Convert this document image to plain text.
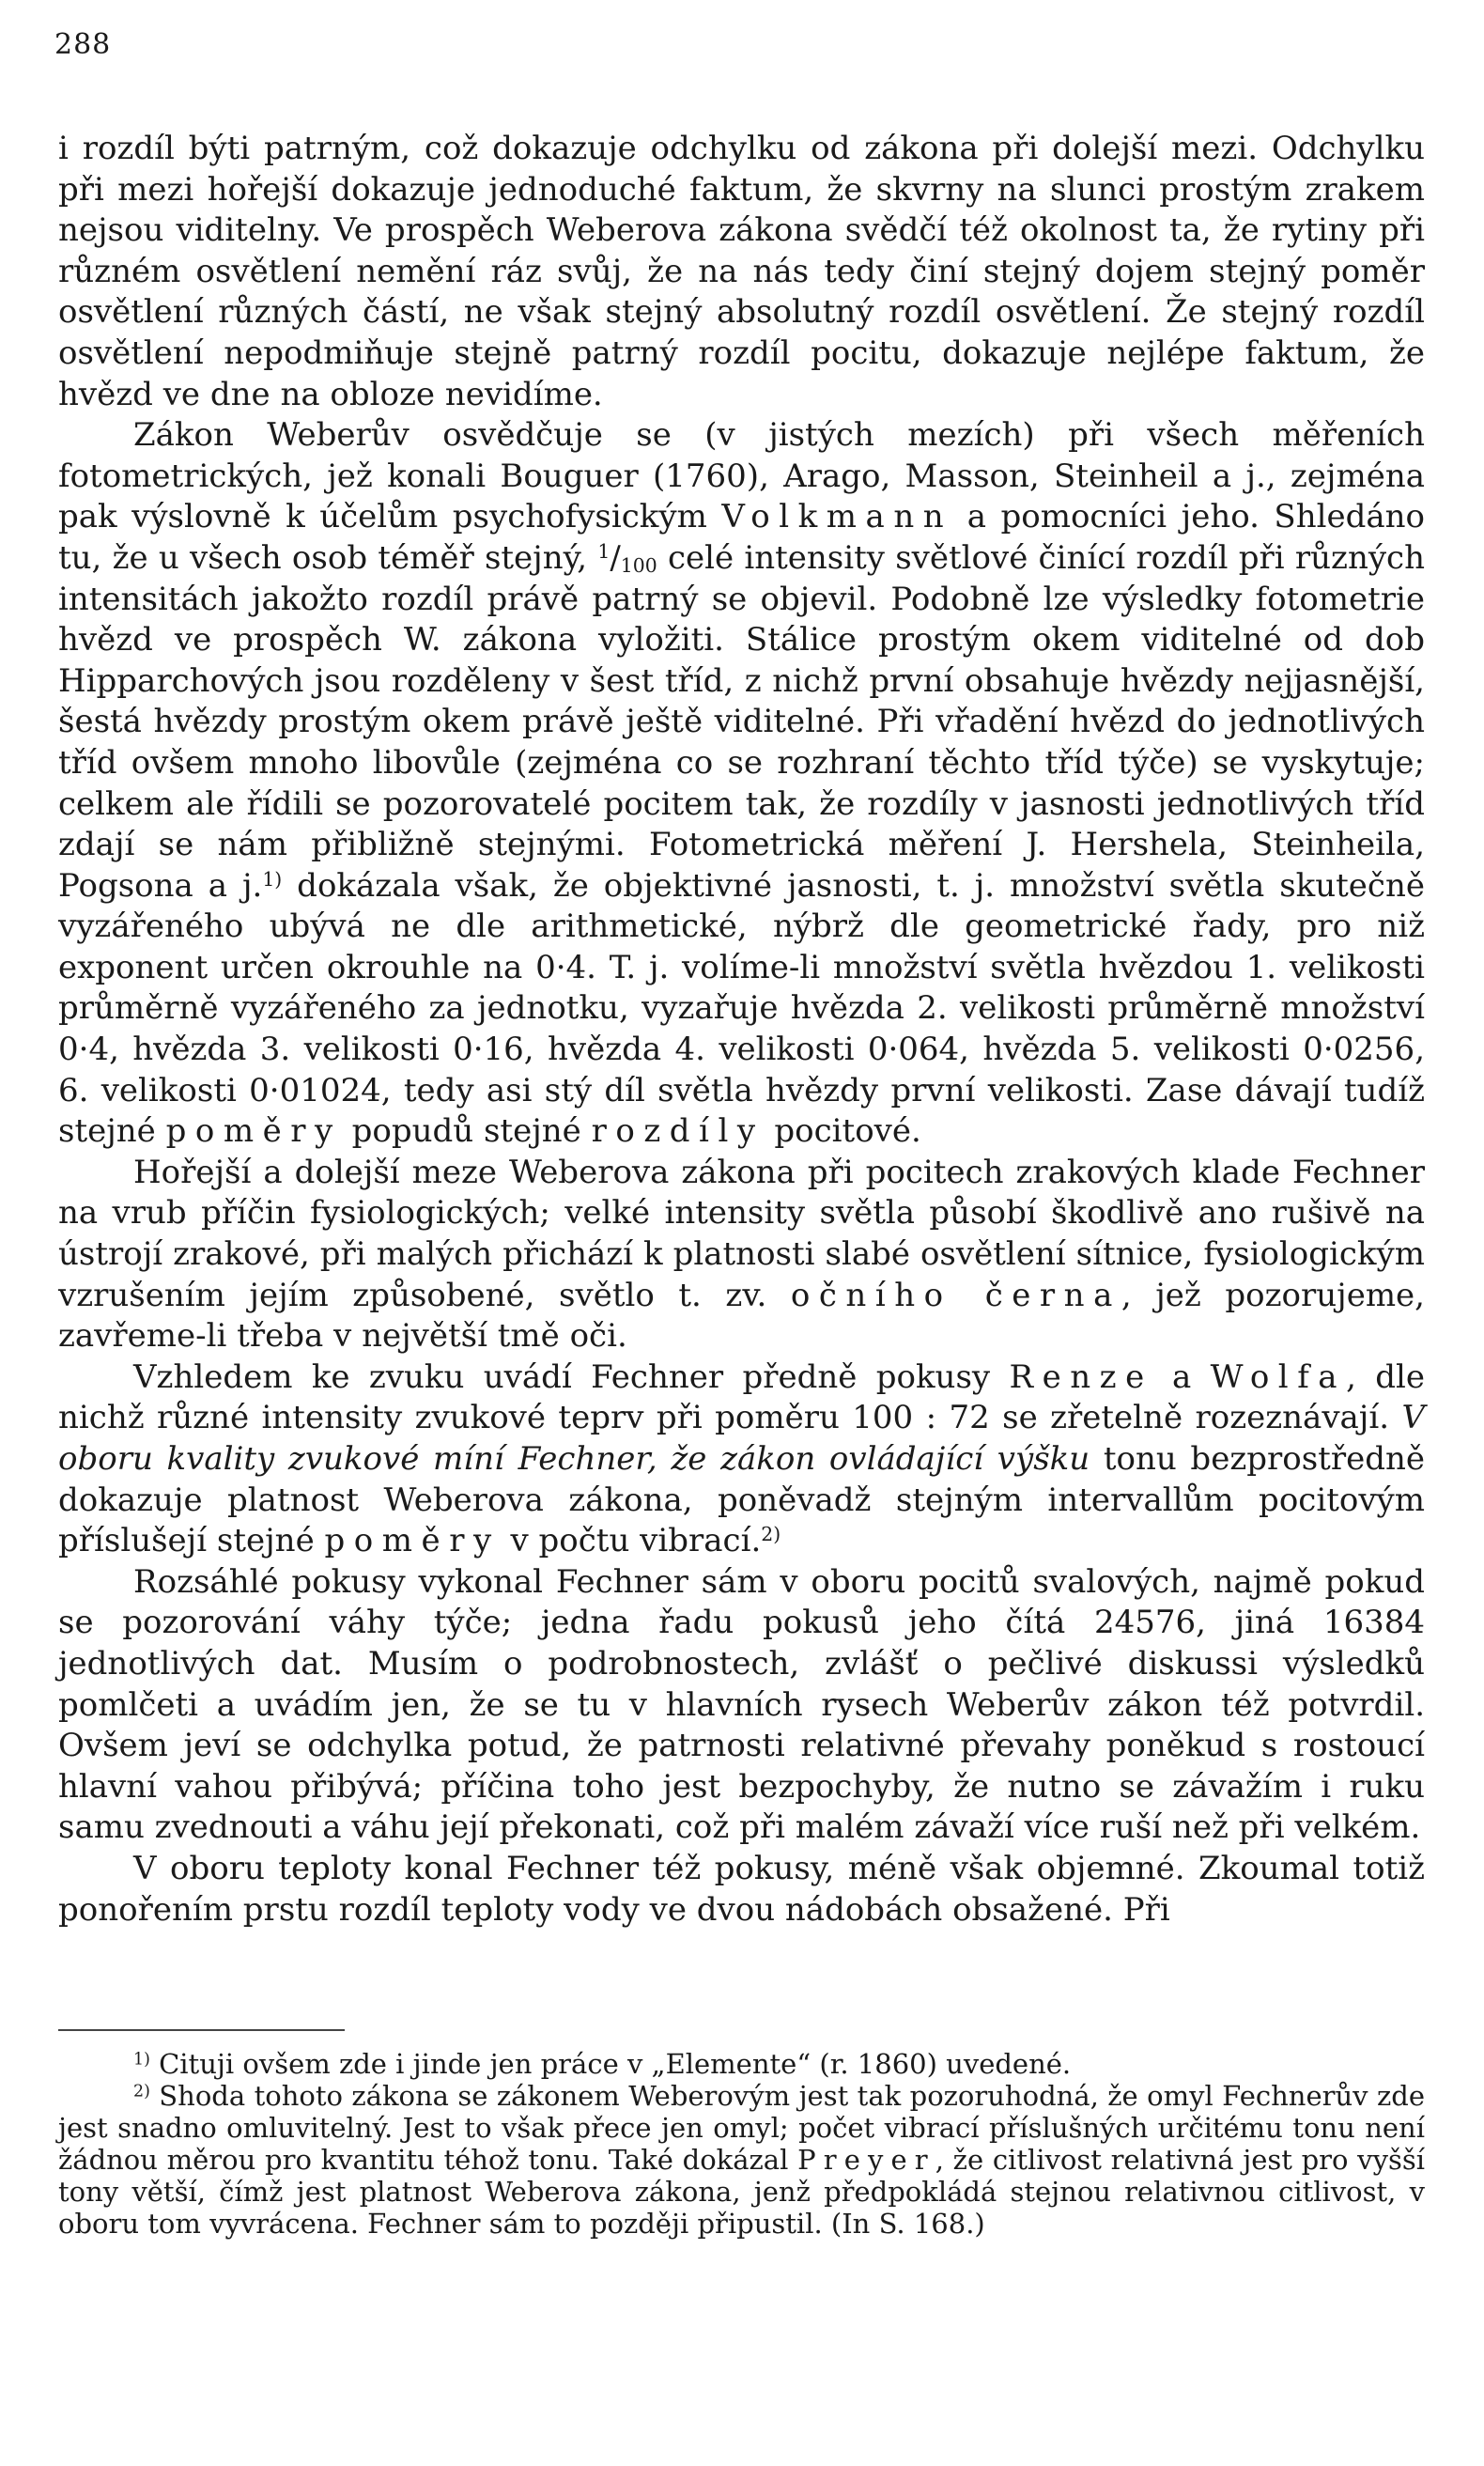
288

i rozdíl býti patrným, což dokazuje odchylku od zákona při dolejší mezi. Odchylku při mezi hořejší dokazuje jednoduché faktum, že skvrny na slunci prostým zrakem nejsou viditelny. Ve prospěch Weberova zákona svědčí též okolnost ta, že rytiny při různém osvětlení nemění ráz svůj, že na nás tedy činí stejný dojem stejný poměr osvětlení různých částí, ne však stejný absolutný rozdíl osvětlení. Že stejný rozdíl osvětlení nepodmiňuje stejně patrný rozdíl pocitu, dokazuje nejlépe faktum, že hvězd ve dne na obloze nevidíme.

Zákon Weberův osvědčuje se (v jistých mezích) při všech měřeních fotometrických, jež konali Bouguer (1760), Arago, Masson, Steinheil a j., zejména pak výslovně k účelům psychofysickým Volkmann a pomocníci jeho. Shledáno tu, že u všech osob téměř stejný, $^1/_{100}$ celé intensity světlové činící rozdíl při různých intensitách jakožto rozdíl právě patrný se objevil. Podobně lze výsledky fotometrie hvězd ve prospěch W. zákona vyložiti. Stálice prostým okem viditelné od dob Hipparchových jsou rozděleny v šest tříd, z nichž první obsahuje hvězdy nejjasnější, šestá hvězdy prostým okem právě ještě viditelné. Při vřadění hvězd do jednotlivých tříd ovšem mnoho libovůle (zejména co se rozhraní těchto tříd týče) se vyskytuje; celkem ale řídili se pozorovatelé pocitem tak, že rozdíly v jasnosti jednotlivých tříd zdají se nám přibližně stejnými. Fotometrická měření J. Hershela, Steinheila, Pogsona a j.$^{1)}$ dokázala však, že objektivné jasnosti, t. j. množství světla skutečně vyzářeného ubývá ne dle arithmetické, nýbrž dle geometrické řady, pro niž exponent určen okrouhle na 0·4. T. j. volíme-li množství světla hvězdou 1. velikosti průměrně vyzářeného za jednotku, vyzařuje hvězda 2. velikosti průměrně množství 0·4, hvězda 3. velikosti 0·16, hvězda 4. velikosti 0·064, hvězda 5. velikosti 0·0256, 6. velikosti 0·01024, tedy asi stý díl světla hvězdy první velikosti. Zase dávají tudíž stejné poměry popudů stejné rozdíly pocitové.

Hořejší a dolejší meze Weberova zákona při pocitech zrakových klade Fechner na vrub příčin fysiologických; velké intensity světla působí škodlivě ano rušivě na ústrojí zrakové, při malých přichází k platnosti slabé osvětlení sítnice, fysiologickým vzrušením jejím způsobené, světlo t. zv. očního černa, jež pozorujeme, zavřeme-li třeba v největší tmě oči.

Vzhledem ke zvuku uvádí Fechner předně pokusy Renze a Wolfa, dle nichž různé intensity zvukové teprv při poměru 100 : 72 se zřetelně rozeznávají. V oboru kvality zvukové míní Fechner, že zákon ovládající výšku tonu bezprostředně dokazuje platnost Weberova zákona, poněvadž stejným intervallům pocitovým příslušejí stejné poměry v počtu vibrací.$^{2)}$

Rozsáhlé pokusy vykonal Fechner sám v oboru pocitů svalových, najmě pokud se pozorování váhy týče; jedna řadu pokusů jeho čítá 24576, jiná 16384 jednotlivých dat. Musím o podrobnostech, zvlášť o pečlivé diskussi výsledků pomlčeti a uvádím jen, že se tu v hlavních rysech Weberův zákon též potvrdil. Ovšem jeví se odchylka potud, že patrnosti relativné převahy poněkud s rostoucí hlavní vahou přibývá; příčina toho jest bezpochyby, že nutno se závažím i ruku samu zvednouti a váhu její překonati, což při malém závaží více ruší než při velkém.

V oboru teploty konal Fechner též pokusy, méně však objemné. Zkoumal totiž ponořením prstu rozdíl teploty vody ve dvou nádobách obsažené. Při

$^{1)}$ Cituji ovšem zde i jinde jen práce v „Elemente“ (r. 1860) uvedené.

$^{2)}$ Shoda tohoto zákona se zákonem Weberovým jest tak pozoruhodná, že omyl Fechnerův zde jest snadno omluvitelný. Jest to však přece jen omyl; počet vibrací příslušných určitému tonu není žádnou měrou pro kvantitu téhož tonu. Také dokázal Preyer, že citlivost relativná jest pro vyšší tony větší, čímž jest platnost Weberova zákona, jenž předpokládá stejnou relativnou citlivost, v oboru tom vyvrácena. Fechner sám to později připustil. (In S. 168.)
